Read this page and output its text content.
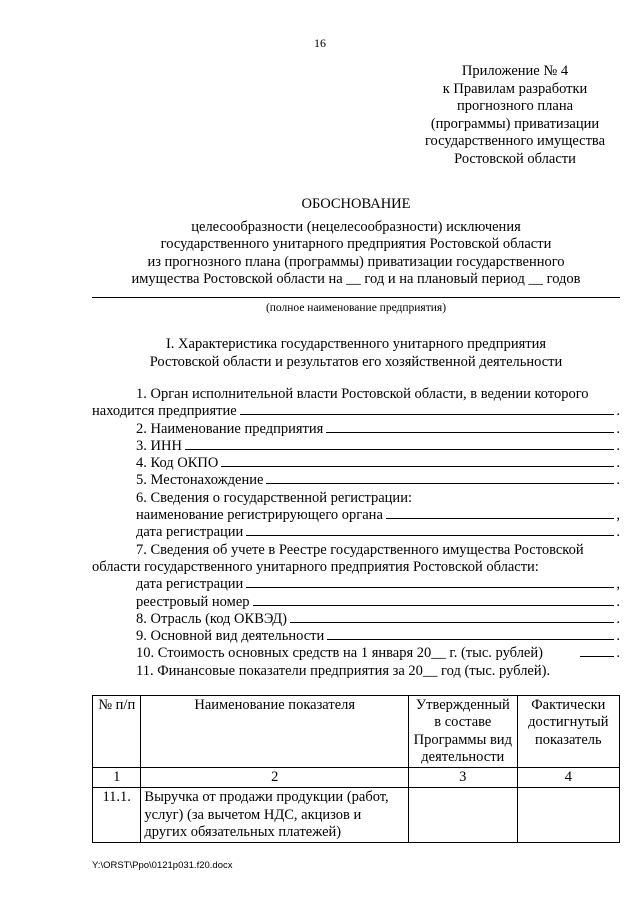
16
Приложение № 4
к Правилам разработки
прогнозного плана
(программы) приватизации
государственного имущества
Ростовской области
ОБОСНОВАНИЕ
целесообразности (нецелесообразности) исключения
государственного унитарного предприятия Ростовской области
из прогнозного плана (программы) приватизации государственного
имущества Ростовской области на __ год и на плановый период __ годов
(полное наименование предприятия)
I. Характеристика государственного унитарного предприятия
Ростовской области и результатов его хозяйственной деятельности
1. Орган исполнительной власти Ростовской области, в ведении которого
находится предприятие	.
2. Наименование предприятия	.
3. ИНН	.
4. Код ОКПО	.
5. Местонахождение	.
6. Сведения о государственной регистрации:
наименование регистрирующего органа	,
дата регистрации	.
7. Сведения об учете в Реестре государственного имущества Ростовской
области государственного унитарного предприятия Ростовской области:
дата регистрации	,
реестровый номер	.
8. Отрасль (код ОКВЭД)	.
9. Основной вид деятельности	.
10. Стоимость основных средств на 1 января 20__ г. (тыс. рублей)	.
11. Финансовые показатели предприятия за 20__ год (тыс. рублей).
№ п/п	Наименование показателя	Утвержденный в составе Программы вид деятельности	Фактически достигнутый показатель
1	2	3	4
11.1.	Выручка от продажи продукции (работ, услуг) (за вычетом НДС, акцизов и других обязательных платежей)		
Y:\ORST\Ppo\0121p031.f20.docx
